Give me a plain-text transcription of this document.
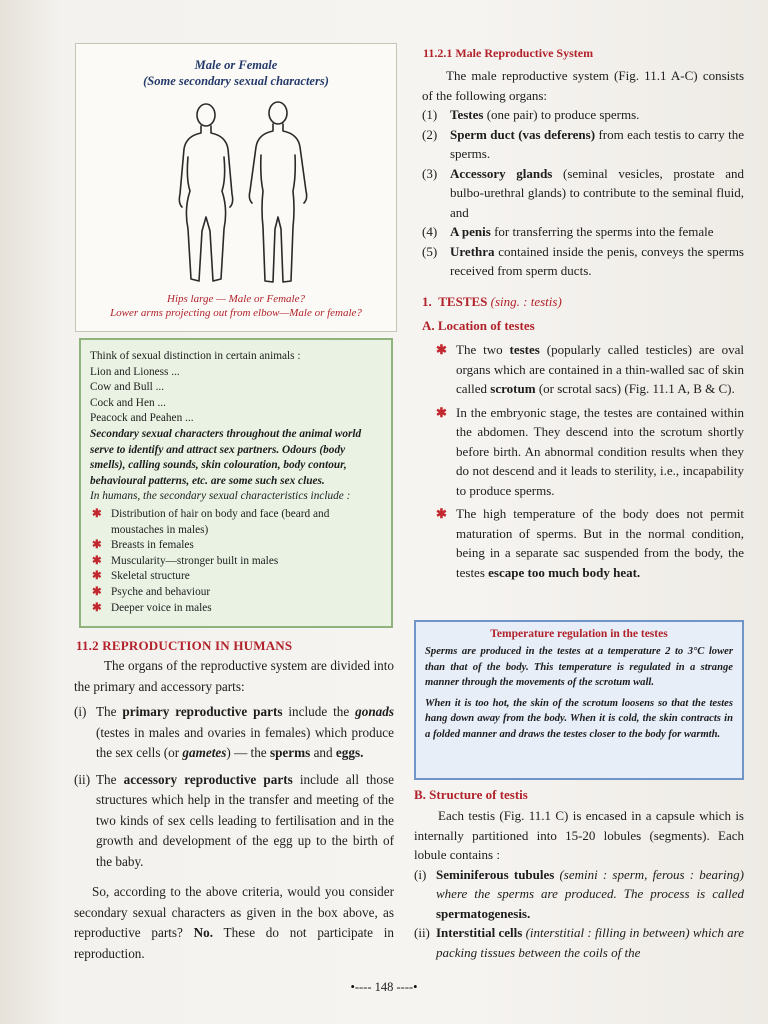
Male or Female
(Some secondary sexual characters)
Hips large — Male or Female?
Lower arms projecting out from elbow—Male or female?

Think of sexual distinction in certain animals :

Lion and Lioness ...

Cow and Bull ...

Cock and Hen ...

Peacock and Peahen ...

Secondary sexual characters throughout the animal world serve to identify and attract sex partners. Odours (body smells), calling sounds, skin colouration, body contour, behavioural patterns, etc. are some such sex clues.

In humans, the secondary sexual characteristics include :

✱ Distribution of hair on body and face (beard and moustaches in males)
✱ Breasts in females
✱ Muscularity—stronger built in males
✱ Skeletal structure
✱ Psyche and behaviour
✱ Deeper voice in males
11.2 REPRODUCTION IN HUMANS
The organs of the reproductive system are divided into the primary and accessory parts:
(i) The primary reproductive parts include the gonads (testes in males and ovaries in females) which produce the sex cells (or gametes) — the sperms and eggs.
(ii) The accessory reproductive parts include all those structures which help in the transfer and meeting of the two kinds of sex cells leading to fertilisation and in the growth and development of the egg up to the birth of the baby.
So, according to the above criteria, would you consider secondary sexual characters as given in the box above, as reproductive parts? No. These do not participate in reproduction.
11.2.1 Male Reproductive System
The male reproductive system (Fig. 11.1 A-C) consists of the following organs:
(1) Testes (one pair) to produce sperms.
(2) Sperm duct (vas deferens) from each testis to carry the sperms.
(3) Accessory glands (seminal vesicles, prostate and bulbo-urethral glands) to contribute to the seminal fluid, and
(4) A penis for transferring the sperms into the female
(5) Urethra contained inside the penis, conveys the sperms received from sperm ducts.
1. TESTES (sing. : testis)
A. Location of testes
✱ The two testes (popularly called testicles) are oval organs which are contained in a thin-walled sac of skin called scrotum (or scrotal sacs) (Fig. 11.1 A, B & C).
✱ In the embryonic stage, the testes are contained within the abdomen. They descend into the scrotum shortly before birth. An abnormal condition results when they do not descend and it leads to sterility, i.e., incapability to produce sperms.
✱ The high temperature of the body does not permit maturation of sperms. But in the normal condition, being in a separate sac suspended from the body, the testes escape too much body heat.
Temperature regulation in the testes

Sperms are produced in the testes at a temperature 2 to 3°C lower than that of the body. This temperature is regulated in a strange manner through the movements of the scrotum wall.

When it is too hot, the skin of the scrotum loosens so that the testes hang down away from the body. When it is cold, the skin contracts in a folded manner and draws the testes closer to the body for warmth.

B. Structure of testis
Each testis (Fig. 11.1 C) is encased in a capsule which is internally partitioned into 15-20 lobules (segments). Each lobule contains :
(i) Seminiferous tubules (semini : sperm, ferous : bearing) where the sperms are produced. The process is called spermatogenesis.
(ii) Interstitial cells (interstitial : filling in between) which are packing tissues between the coils of the
•---- 148 ----•
